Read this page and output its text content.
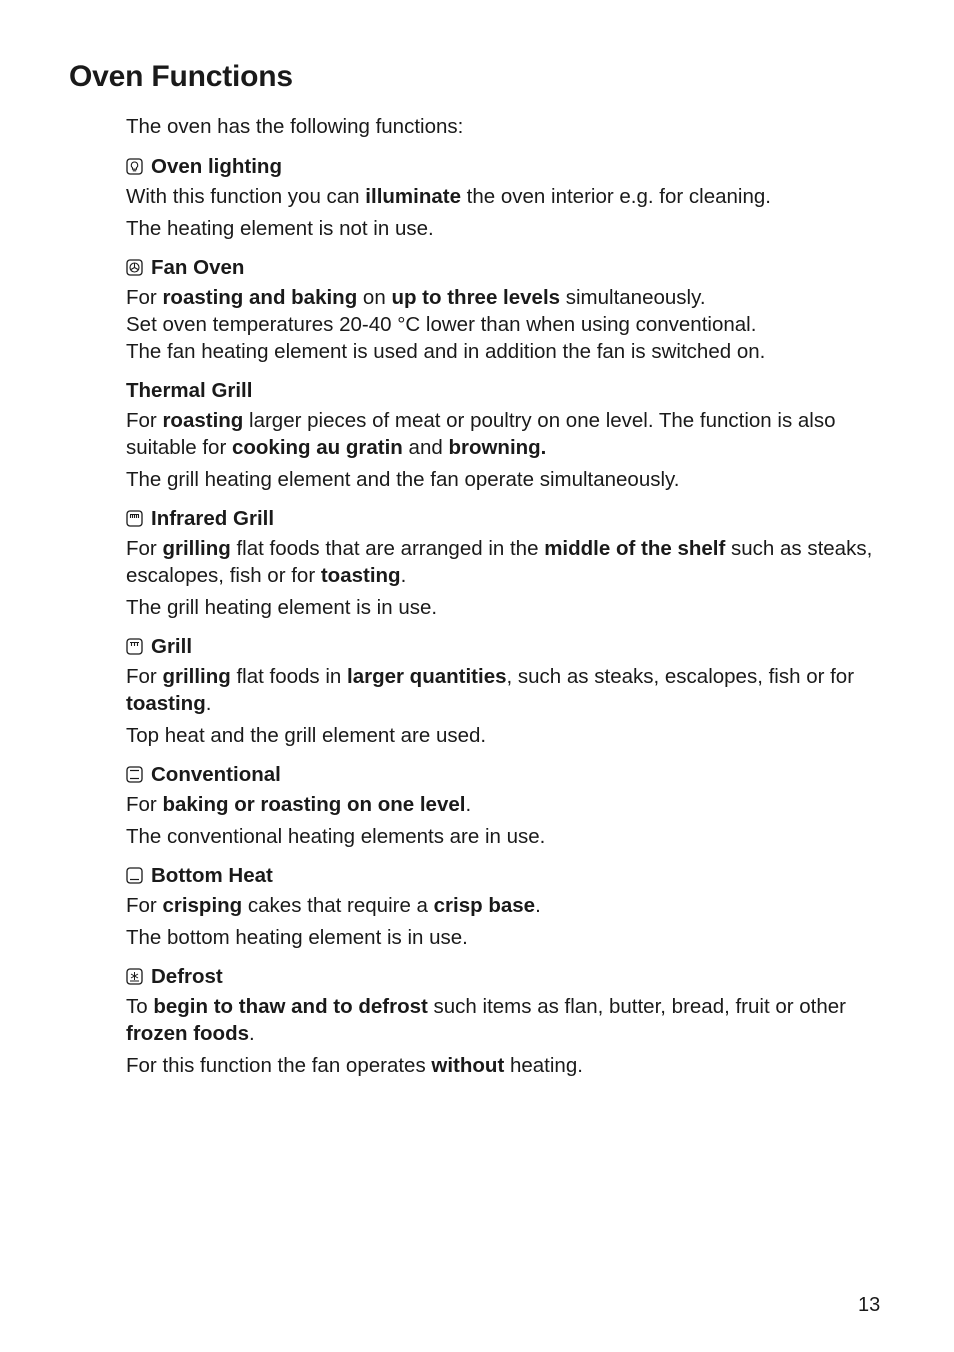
Oven Functions

The oven has the following functions:

Oven lighting

With this function you can illuminate the oven interior e.g. for cleaning.

The heating element is not in use.

Fan Oven

For roasting and baking on up to three levels simultaneously.

Set oven temperatures 20-40 °C lower than when using conventional.

The fan heating element is used and in addition the fan is switched on.

Thermal Grill

For roasting larger pieces of meat or poultry on one level. The function is also suitable for cooking au gratin and browning.

The grill heating element and the fan operate simultaneously.

Infrared Grill

For grilling flat foods that are arranged in the middle of the shelf such as steaks, escalopes, fish or for toasting.

The grill heating element is in use.

Grill

For grilling flat foods in larger quantities, such as steaks, escalopes, fish or for toasting.

Top heat and the grill element are used.

Conventional

For baking or roasting on one level.

The conventional heating elements are in use.

Bottom Heat

For crisping cakes that require a crisp base.

The bottom heating element is in use.

Defrost

To begin to thaw and to defrost such items as flan, butter, bread, fruit or other frozen foods.

For this function the fan operates without heating.

13
